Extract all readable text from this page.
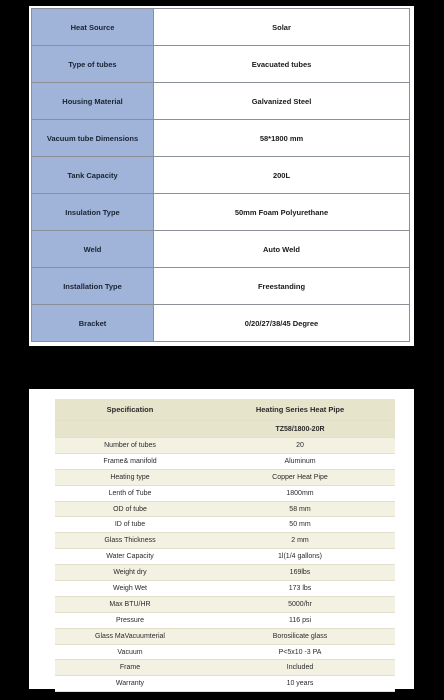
Heat Source	Solar
Type of tubes	Evacuated tubes
Housing Material	Galvanized Steel
Vacuum tube Dimensions	58*1800 mm
Tank Capacity	200L
Insulation Type	50mm Foam Polyurethane
Weld	Auto Weld
Installation Type	Freestanding
Bracket	0/20/27/38/45 Degree
Specification	Heating Series Heat Pipe
	TZ58/1800-20R
Number of tubes	20
Frame& manifold	Aluminum
Heating type	Copper Heat Pipe
Lenth of Tube	1800mm
OD of tube	58 mm
ID of tube	50 mm
Glass Thickness	2 mm
Water Capacity	1l(1/4 gallons)
Weight dry	169lbs
Weigh Wet	173 lbs
Max BTU/HR	5000/hr
Pressure	116 psi
Glass MaVacuumterial	Borosilicate glass
Vacuum	P<5x10 -3 PA
Frame	Included
Warranty	10 years
